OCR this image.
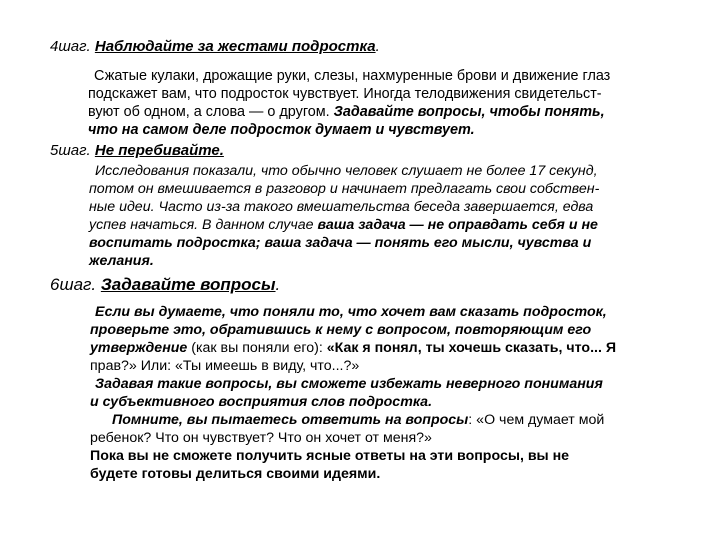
4шаг. Наблюдайте за жестами подростка.
Сжатые кулаки, дрожащие руки, слезы, нахмуренные брови и движение глаз
подскажет вам, что подросток чувствует. Иногда телодвижения свидетельст-
вуют об одном, а слова — о другом. Задавайте вопросы, чтобы понять,
что на самом деле подросток думает и чувствует.
5шаг. Не перебивайте.
Исследования показали, что обычно человек слушает не более 17 секунд,
потом он вмешивается в разговор и начинает предлагать свои собствен-
ные идеи. Часто из-за такого вмешательства беседа завершается, едва
успев начаться. В данном случае ваша задача — не оправдать себя и не
воспитать подростка; ваша задача — понять его мысли, чувства и
желания.
6шаг. Задавайте вопросы.
Если вы думаете, что поняли то, что хочет вам сказать подросток,
проверьте это, обратившись к нему с вопросом, повторяющим его
утверждение (как вы поняли его): «Как я понял, ты хочешь сказать, что... Я
прав?» Или: «Ты имеешь в виду, что...?»
Задавая такие вопросы, вы сможете избежать неверного понимания
и субъективного восприятия слов подростка.
Помните, вы пытаетесь ответить на вопросы: «О чем думает мой
ребенок? Что он чувствует? Что он хочет от меня?»
Пока вы не сможете получить ясные ответы на эти вопросы, вы не
будете готовы делиться своими идеями.
